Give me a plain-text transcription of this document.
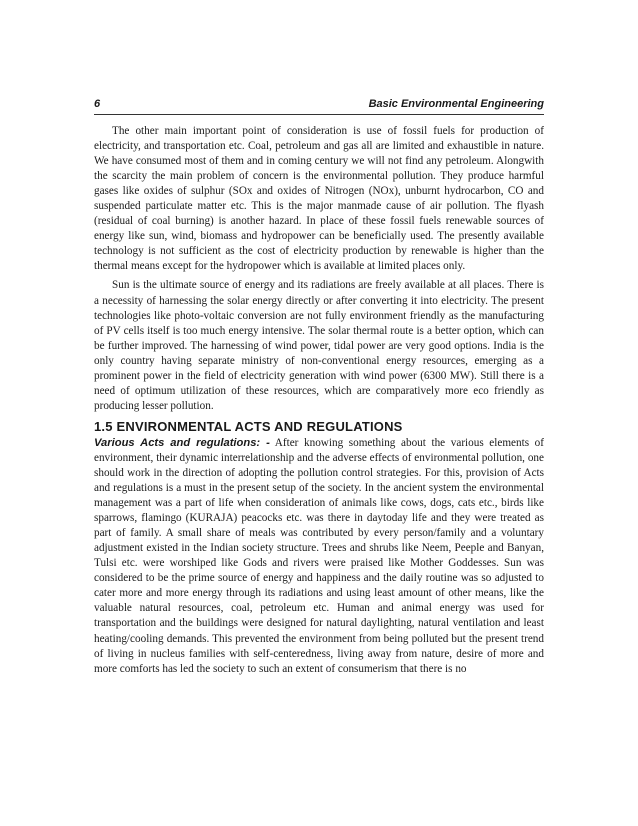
6	Basic Environmental Engineering

The other main important point of consideration is use of fossil fuels for production of electricity, and transportation etc. Coal, petroleum and gas all are limited and exhaustible in nature. We have consumed most of them and in coming century we will not find any petroleum. Alongwith the scarcity the main problem of concern is the environmental pollution. They produce harmful gases like oxides of sulphur (SOx and oxides of Nitrogen (NOx), unburnt hydrocarbon, CO and suspended particulate matter etc. This is the major manmade cause of air pollution. The flyash (residual of coal burning) is another hazard. In place of these fossil fuels renewable sources of energy like sun, wind, biomass and hydropower can be beneficially used. The presently available technology is not sufficient as the cost of electricity production by renewable is higher than the thermal means except for the hydropower which is available at limited places only.

Sun is the ultimate source of energy and its radiations are freely available at all places. There is a necessity of harnessing the solar energy directly or after converting it into electricity. The present technologies like photo-voltaic conversion are not fully environment friendly as the manufacturing of PV cells itself is too much energy intensive. The solar thermal route is a better option, which can be further improved. The harnessing of wind power, tidal power are very good options. India is the only country having separate ministry of non-conventional energy resources, emerging as a prominent power in the field of electricity generation with wind power (6300 MW). Still there is a need of optimum utilization of these resources, which are comparatively more eco friendly as producing lesser pollution.

1.5 ENVIRONMENTAL ACTS AND REGULATIONS

Various Acts and regulations: - After knowing something about the various elements of environment, their dynamic interrelationship and the adverse effects of environmental pollution, one should work in the direction of adopting the pollution control strategies. For this, provision of Acts and regulations is a must in the present setup of the society. In the ancient system the environmental management was a part of life when consideration of animals like cows, dogs, cats etc., birds like sparrows, flamingo (KURAJA) peacocks etc. was there in daytoday life and they were treated as part of family. A small share of meals was contributed by every person/family and a voluntary adjustment existed in the Indian society structure. Trees and shrubs like Neem, Peeple and Banyan, Tulsi etc. were worshiped like Gods and rivers were praised like Mother Goddesses. Sun was considered to be the prime source of energy and happiness and the daily routine was so adjusted to cater more and more energy through its radiations and using least amount of other means, like the valuable natural resources, coal, petroleum etc. Human and animal energy was used for transportation and the buildings were designed for natural daylighting, natural ventilation and least heating/cooling demands. This prevented the environment from being polluted but the present trend of living in nucleus families with self-centeredness, living away from nature, desire of more and more comforts has led the society to such an extent of consumerism that there is no
